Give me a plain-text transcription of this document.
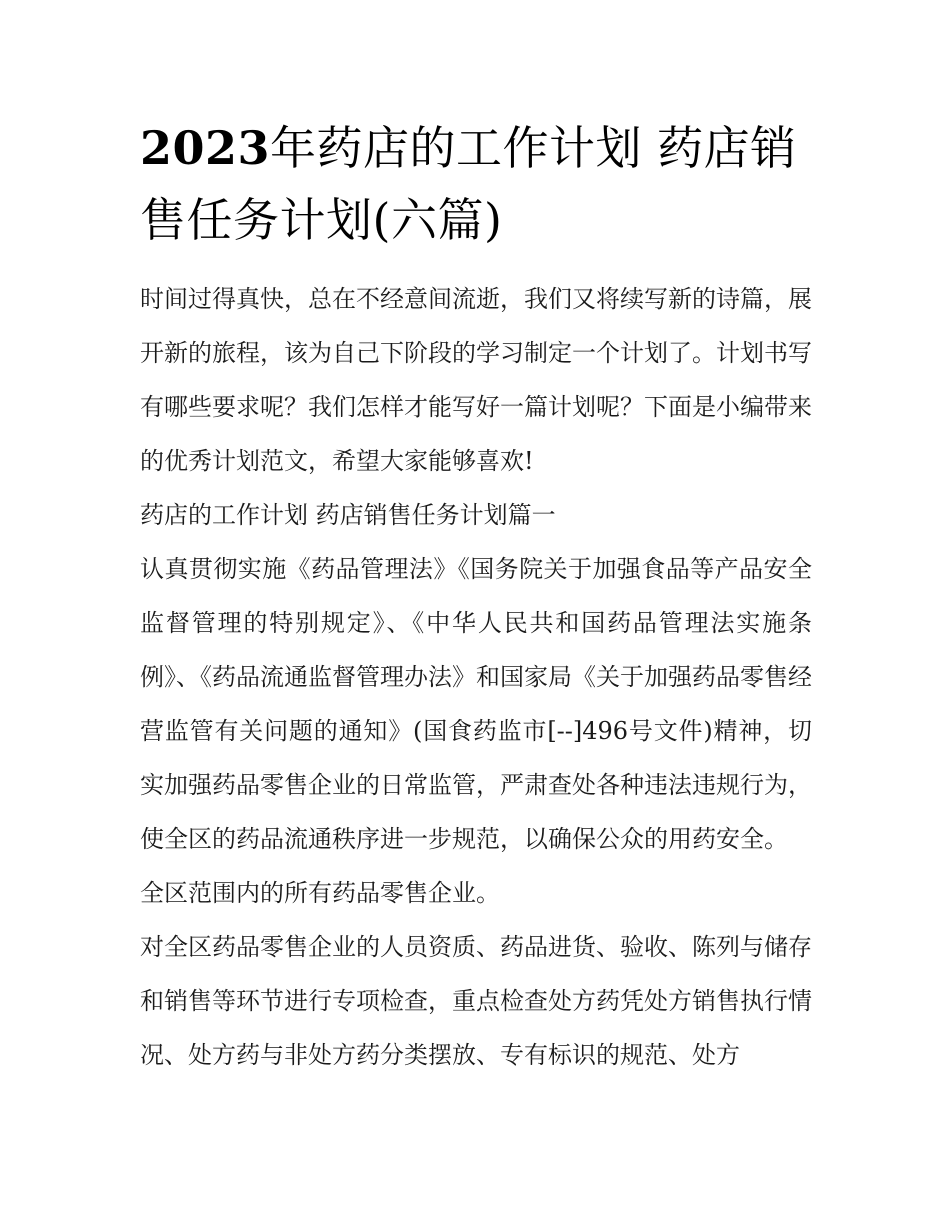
2023年药店的工作计划 药店销售任务计划(六篇)

时间过得真快，总在不经意间流逝，我们又将续写新的诗篇，展开新的旅程，该为自己下阶段的学习制定一个计划了。计划书写有哪些要求呢？我们怎样才能写好一篇计划呢？下面是小编带来的优秀计划范文，希望大家能够喜欢!

药店的工作计划 药店销售任务计划篇一

认真贯彻实施《药品管理法》《国务院关于加强食品等产品安全监督管理的特别规定》、《中华人民共和国药品管理法实施条例》、《药品流通监督管理办法》和国家局《关于加强药品零售经营监管有关问题的通知》(国食药监市[--]496号文件)精神，切实加强药品零售企业的日常监管，严肃查处各种违法违规行为，使全区的药品流通秩序进一步规范，以确保公众的用药安全。

全区范围内的所有药品零售企业。

对全区药品零售企业的人员资质、药品进货、验收、陈列与储存和销售等环节进行专项检查，重点检查处方药凭处方销售执行情况、处方药与非处方药分类摆放、专有标识的规范、处方
